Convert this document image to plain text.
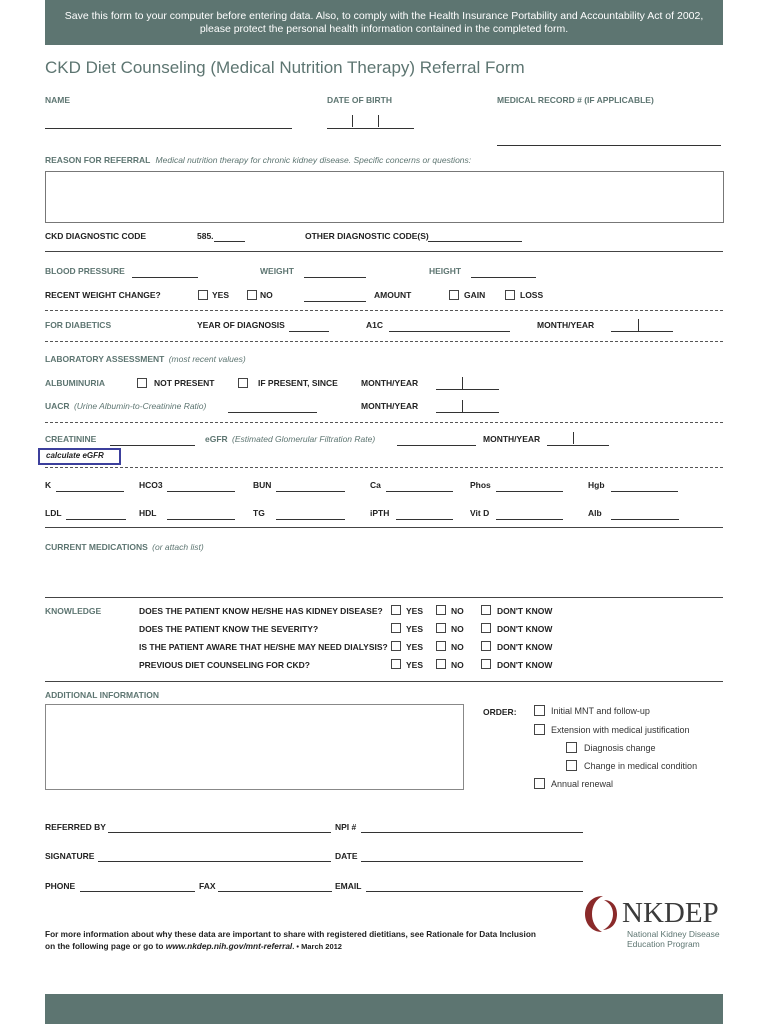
Save this form to your computer before entering data. Also, to comply with the Health Insurance Portability and Accountability Act of 2002,
please protect the personal health information contained in the completed form.
CKD Diet Counseling (Medical Nutrition Therapy) Referral Form
NAME	DATE OF BIRTH	MEDICAL RECORD # (IF APPLICABLE)
REASON FOR REFERRAL Medical nutrition therapy for chronic kidney disease. Specific concerns or questions:
CKD DIAGNOSTIC CODE	585.	OTHER DIAGNOSTIC CODE(S)
BLOOD PRESSURE	WEIGHT	HEIGHT
RECENT WEIGHT CHANGE?	YES	NO	AMOUNT	GAIN	LOSS
FOR DIABETICS	YEAR OF DIAGNOSIS	A1C	MONTH/YEAR
LABORATORY ASSESSMENT (most recent values)
ALBUMINURIA	NOT PRESENT	IF PRESENT, SINCE	MONTH/YEAR
UACR (Urine Albumin-to-Creatinine Ratio)	MONTH/YEAR
CREATININE	eGFR (Estimated Glomerular Filtration Rate)	MONTH/YEAR
calculate eGFR
K	HCO3	BUN	Ca	Phos	Hgb
LDL	HDL	TG	iPTH	Vit D	Alb
CURRENT MEDICATIONS (or attach list)
KNOWLEDGE	DOES THE PATIENT KNOW HE/SHE HAS KIDNEY DISEASE?	YES	NO	DON'T KNOW
DOES THE PATIENT KNOW THE SEVERITY?	YES	NO	DON'T KNOW
IS THE PATIENT AWARE THAT HE/SHE MAY NEED DIALYSIS? YES	NO	DON'T KNOW
PREVIOUS DIET COUNSELING FOR CKD?	YES	NO	DON'T KNOW
ADDITIONAL INFORMATION
ORDER:	Initial MNT and follow-up
Extension with medical justification
Diagnosis change
Change in medical condition
Annual renewal
REFERRED BY	NPI #
SIGNATURE	DATE
PHONE	FAX	EMAIL
For more information about why these data are important to share with registered dietitians, see Rationale for Data Inclusion
on the following page or go to www.nkdep.nih.gov/mnt-referral. • March 2012
NKDEP
National Kidney Disease
Education Program
